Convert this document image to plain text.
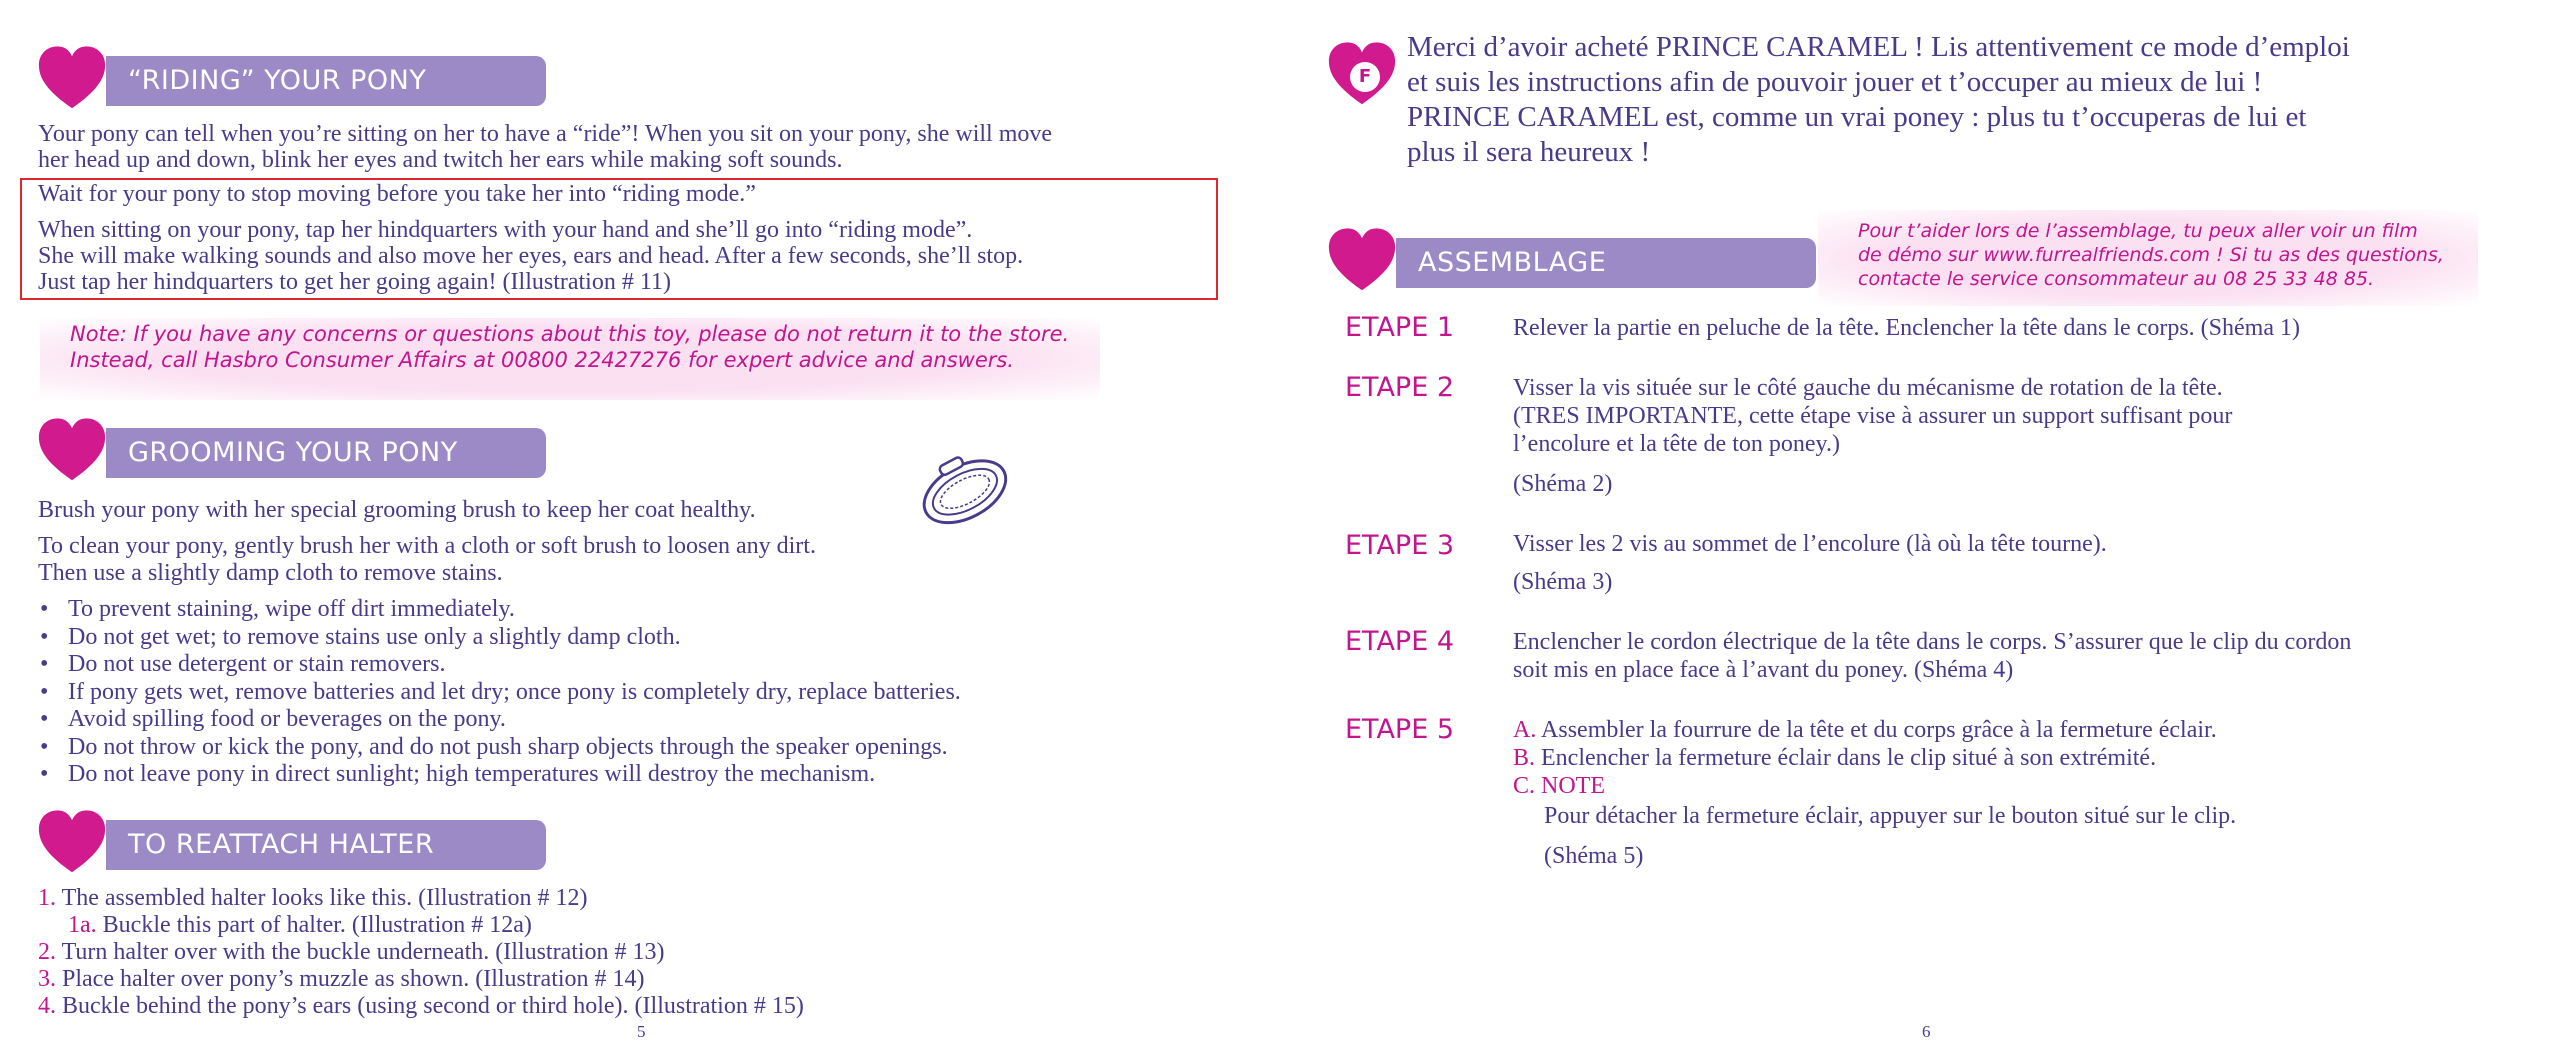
“RIDING” YOUR PONY
Your pony can tell when you’re sitting on her to have a “ride”! When you sit on your pony, she will move
her head up and down, blink her eyes and twitch her ears while making soft sounds.
Wait for your pony to stop moving before you take her into “riding mode.”
When sitting on your pony, tap her hindquarters with your hand and she’ll go into “riding mode”.
She will make walking sounds and also move her eyes, ears and head. After a few seconds, she’ll stop.
Just tap her hindquarters to get her going again! (Illustration # 11)
Note: If you have any concerns or questions about this toy, please do not return it to the store.
Instead, call Hasbro Consumer Affairs at 00800 22427276 for expert advice and answers.
GROOMING YOUR PONY
Brush your pony with her special grooming brush to keep her coat healthy.
To clean your pony, gently brush her with a cloth or soft brush to loosen any dirt.
Then use a slightly damp cloth to remove stains.
• To prevent staining, wipe off dirt immediately.
• Do not get wet; to remove stains use only a slightly damp cloth.
• Do not use detergent or stain removers.
• If pony gets wet, remove batteries and let dry; once pony is completely dry, replace batteries.
• Avoid spilling food or beverages on the pony.
• Do not throw or kick the pony, and do not push sharp objects through the speaker openings.
• Do not leave pony in direct sunlight; high temperatures will destroy the mechanism.
TO REATTACH HALTER
1. The assembled halter looks like this. (Illustration # 12)
1a. Buckle this part of halter. (Illustration # 12a)
2. Turn halter over with the buckle underneath. (Illustration # 13)
3. Place halter over pony’s muzzle as shown. (Illustration # 14)
4. Buckle behind the pony’s ears (using second or third hole). (Illustration # 15)
5
F
Merci d’avoir acheté PRINCE CARAMEL ! Lis attentivement ce mode d’emploi
et suis les instructions afin de pouvoir jouer et t’occuper au mieux de lui !
PRINCE CARAMEL est, comme un vrai poney : plus tu t’occuperas de lui et
plus il sera heureux !
ASSEMBLAGE
Pour t’aider lors de l’assemblage, tu peux aller voir un film
de démo sur www.furrealfriends.com ! Si tu as des questions,
contacte le service consommateur au 08 25 33 48 85.
ETAPE 1 Relever la partie en peluche de la tête. Enclencher la tête dans le corps. (Shéma 1)
ETAPE 2 Visser la vis située sur le côté gauche du mécanisme de rotation de la tête.
(TRES IMPORTANTE, cette étape vise à assurer un support suffisant pour
l’encolure et la tête de ton poney.)
(Shéma 2)
ETAPE 3 Visser les 2 vis au sommet de l’encolure (là où la tête tourne).
(Shéma 3)
ETAPE 4 Enclencher le cordon électrique de la tête dans le corps. S’assurer que le clip du cordon
soit mis en place face à l’avant du poney. (Shéma 4)
ETAPE 5 A. Assembler la fourrure de la tête et du corps grâce à la fermeture éclair.
B. Enclencher la fermeture éclair dans le clip situé à son extrémité.
C. NOTE
Pour détacher la fermeture éclair, appuyer sur le bouton situé sur le clip.
(Shéma 5)
6
